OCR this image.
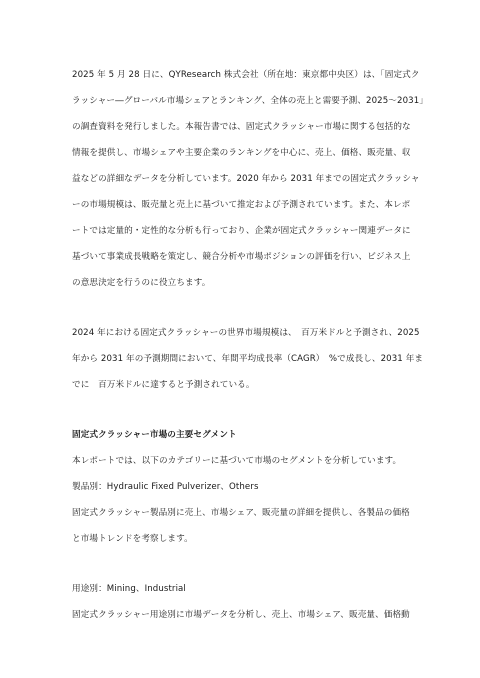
2025 年 5 月 28 日に、QYResearch 株式会社（所在地：東京都中央区）は、「固定式ク
ラッシャー―グローバル市場シェアとランキング、全体の売上と需要予測、2025～2031」
の調査資料を発行しました。本報告書では、固定式クラッシャー市場に関する包括的な
情報を提供し、市場シェアや主要企業のランキングを中心に、売上、価格、販売量、収
益などの詳細なデータを分析しています。2020 年から 2031 年までの固定式クラッシャ
ーの市場規模は、販売量と売上に基づいて推定および予測されています。また、本レポ
ートでは定量的・定性的な分析も行っており、企業が固定式クラッシャー関連データに
基づいて事業成長戦略を策定し、競合分析や市場ポジションの評価を行い、ビジネス上
の意思決定を行うのに役立ちます。
2024 年における固定式クラッシャーの世界市場規模は、　百万米ドルと予測され、2025
年から 2031 年の予測期間において、年間平均成長率（CAGR）　%で成長し、2031 年ま
でに　百万米ドルに達すると予測されている。
固定式クラッシャー市場の主要セグメント
本レポートでは、以下のカテゴリーに基づいて市場のセグメントを分析しています。
製品別：Hydraulic Fixed Pulverizer、Others
固定式クラッシャー製品別に売上、市場シェア、販売量の詳細を提供し、各製品の価格
と市場トレンドを考察します。
用途別：Mining、Industrial
固定式クラッシャー用途別に市場データを分析し、売上、市場シェア、販売量、価格動
